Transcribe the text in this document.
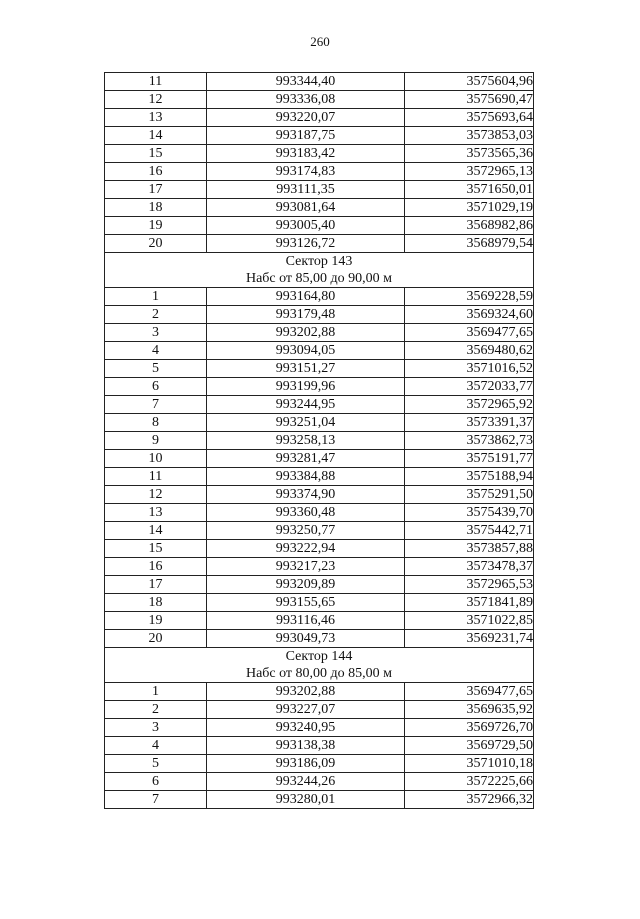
260
11	993344,40	3575604,96
12	993336,08	3575690,47
13	993220,07	3575693,64
14	993187,75	3573853,03
15	993183,42	3573565,36
16	993174,83	3572965,13
17	993111,35	3571650,01
18	993081,64	3571029,19
19	993005,40	3568982,86
20	993126,72	3568979,54

Сектор 143
Набс от 85,00 до 90,00 м		

1	993164,80	3569228,59
2	993179,48	3569324,60
3	993202,88	3569477,65
4	993094,05	3569480,62
5	993151,27	3571016,52
6	993199,96	3572033,77
7	993244,95	3572965,92
8	993251,04	3573391,37
9	993258,13	3573862,73
10	993281,47	3575191,77
11	993384,88	3575188,94
12	993374,90	3575291,50
13	993360,48	3575439,70
14	993250,77	3575442,71
15	993222,94	3573857,88
16	993217,23	3573478,37
17	993209,89	3572965,53
18	993155,65	3571841,89
19	993116,46	3571022,85
20	993049,73	3569231,74

Сектор 144
Набс от 80,00 до 85,00 м		

1	993202,88	3569477,65
2	993227,07	3569635,92
3	993240,95	3569726,70
4	993138,38	3569729,50
5	993186,09	3571010,18
6	993244,26	3572225,66
7	993280,01	3572966,32
